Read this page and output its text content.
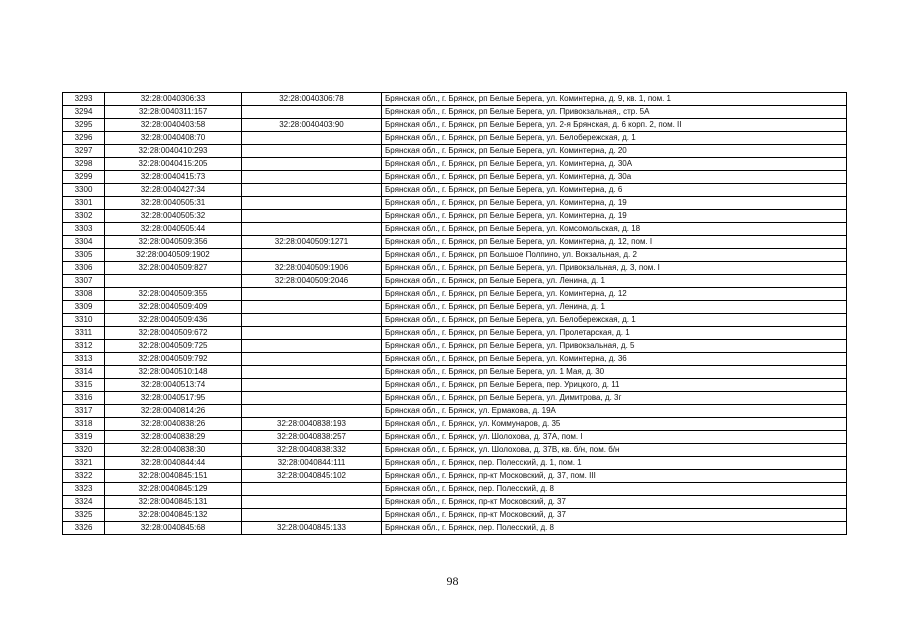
3293	32:28:0040306:33	32:28:0040306:78	Брянская обл., г. Брянск, рп Белые Берега, ул. Коминтерна, д. 9, кв. 1, пом. 1
3294	32:28:0040311:157		Брянская обл., г. Брянск, рп Белые Берега, ул. Привокзальная,, стр. 5А
3295	32:28:0040403:58	32:28:0040403:90	Брянская обл., г. Брянск, рп Белые Берега, ул. 2-я Брянская, д. 6 корп. 2, пом. II
3296	32:28:0040408:70		Брянская обл., г. Брянск, рп Белые Берега, ул. Белобережская, д. 1
3297	32:28:0040410:293		Брянская обл., г. Брянск, рп Белые Берега, ул. Коминтерна, д. 20
3298	32:28:0040415:205		Брянская обл., г. Брянск, рп Белые Берега, ул. Коминтерна, д. 30А
3299	32:28:0040415:73		Брянская обл., г. Брянск, рп Белые Берега, ул. Коминтерна, д. 30а
3300	32:28:0040427:34		Брянская обл., г. Брянск, рп Белые Берега, ул. Коминтерна, д. 6
3301	32:28:0040505:31		Брянская обл., г. Брянск, рп Белые Берега, ул. Коминтерна, д. 19
3302	32:28:0040505:32		Брянская обл., г. Брянск, рп Белые Берега, ул. Коминтерна, д. 19
3303	32:28:0040505:44		Брянская обл., г. Брянск, рп Белые Берега, ул. Комсомольская, д. 18
3304	32:28:0040509:356	32:28:0040509:1271	Брянская обл., г. Брянск, рп Белые Берега, ул. Коминтерна, д. 12, пом. I
3305	32:28:0040509:1902		Брянская обл., г. Брянск, рп Большое Полпино, ул. Вокзальная, д. 2
3306	32:28:0040509:827	32:28:0040509:1906	Брянская обл., г. Брянск, рп Белые Берега, ул. Привокзальная, д. 3, пом. I
3307		32:28:0040509:2046	Брянская обл., г. Брянск, рп Белые Берега, ул. Ленина, д. 1
3308	32:28:0040509:355		Брянская обл., г. Брянск, рп Белые Берега, ул. Коминтерна, д. 12
3309	32:28:0040509:409		Брянская обл., г. Брянск, рп Белые Берега, ул. Ленина, д. 1
3310	32:28:0040509:436		Брянская обл., г. Брянск, рп Белые Берега, ул. Белобережская, д. 1
3311	32:28:0040509:672		Брянская обл., г. Брянск, рп Белые Берега, ул. Пролетарская, д. 1
3312	32:28:0040509:725		Брянская обл., г. Брянск, рп Белые Берега, ул. Привокзальная, д. 5
3313	32:28:0040509:792		Брянская обл., г. Брянск, рп Белые Берега, ул. Коминтерна, д. 36
3314	32:28:0040510:148		Брянская обл., г. Брянск, рп Белые Берега, ул. 1 Мая, д. 30
3315	32:28:0040513:74		Брянская обл., г. Брянск, рп Белые Берега, пер. Урицкого, д. 11
3316	32:28:0040517:95		Брянская обл., г. Брянск, рп Белые Берега, ул. Димитрова, д. 3г
3317	32:28:0040814:26		Брянская обл., г. Брянск, ул. Ермакова, д. 19А
3318	32:28:0040838:26	32:28:0040838:193	Брянская обл., г. Брянск, ул. Коммунаров, д. 35
3319	32:28:0040838:29	32:28:0040838:257	Брянская обл., г. Брянск, ул. Шолохова, д. 37А, пом. I
3320	32:28:0040838:30	32:28:0040838:332	Брянская обл., г. Брянск, ул. Шолохова, д. 37В, кв. б/н, пом. б/н
3321	32:28:0040844:44	32:28:0040844:111	Брянская обл., г. Брянск, пер. Полесский, д. 1, пом. 1
3322	32:28:0040845:151	32:28:0040845:102	Брянская обл., г. Брянск, пр-кт Московский, д. 37, пом. III
3323	32:28:0040845:129		Брянская обл., г. Брянск, пер. Полесский, д. 8
3324	32:28:0040845:131		Брянская обл., г. Брянск, пр-кт Московский, д. 37
3325	32:28:0040845:132		Брянская обл., г. Брянск, пр-кт Московский, д. 37
3326	32:28:0040845:68	32:28:0040845:133	Брянская обл., г. Брянск, пер. Полесский, д. 8
98
